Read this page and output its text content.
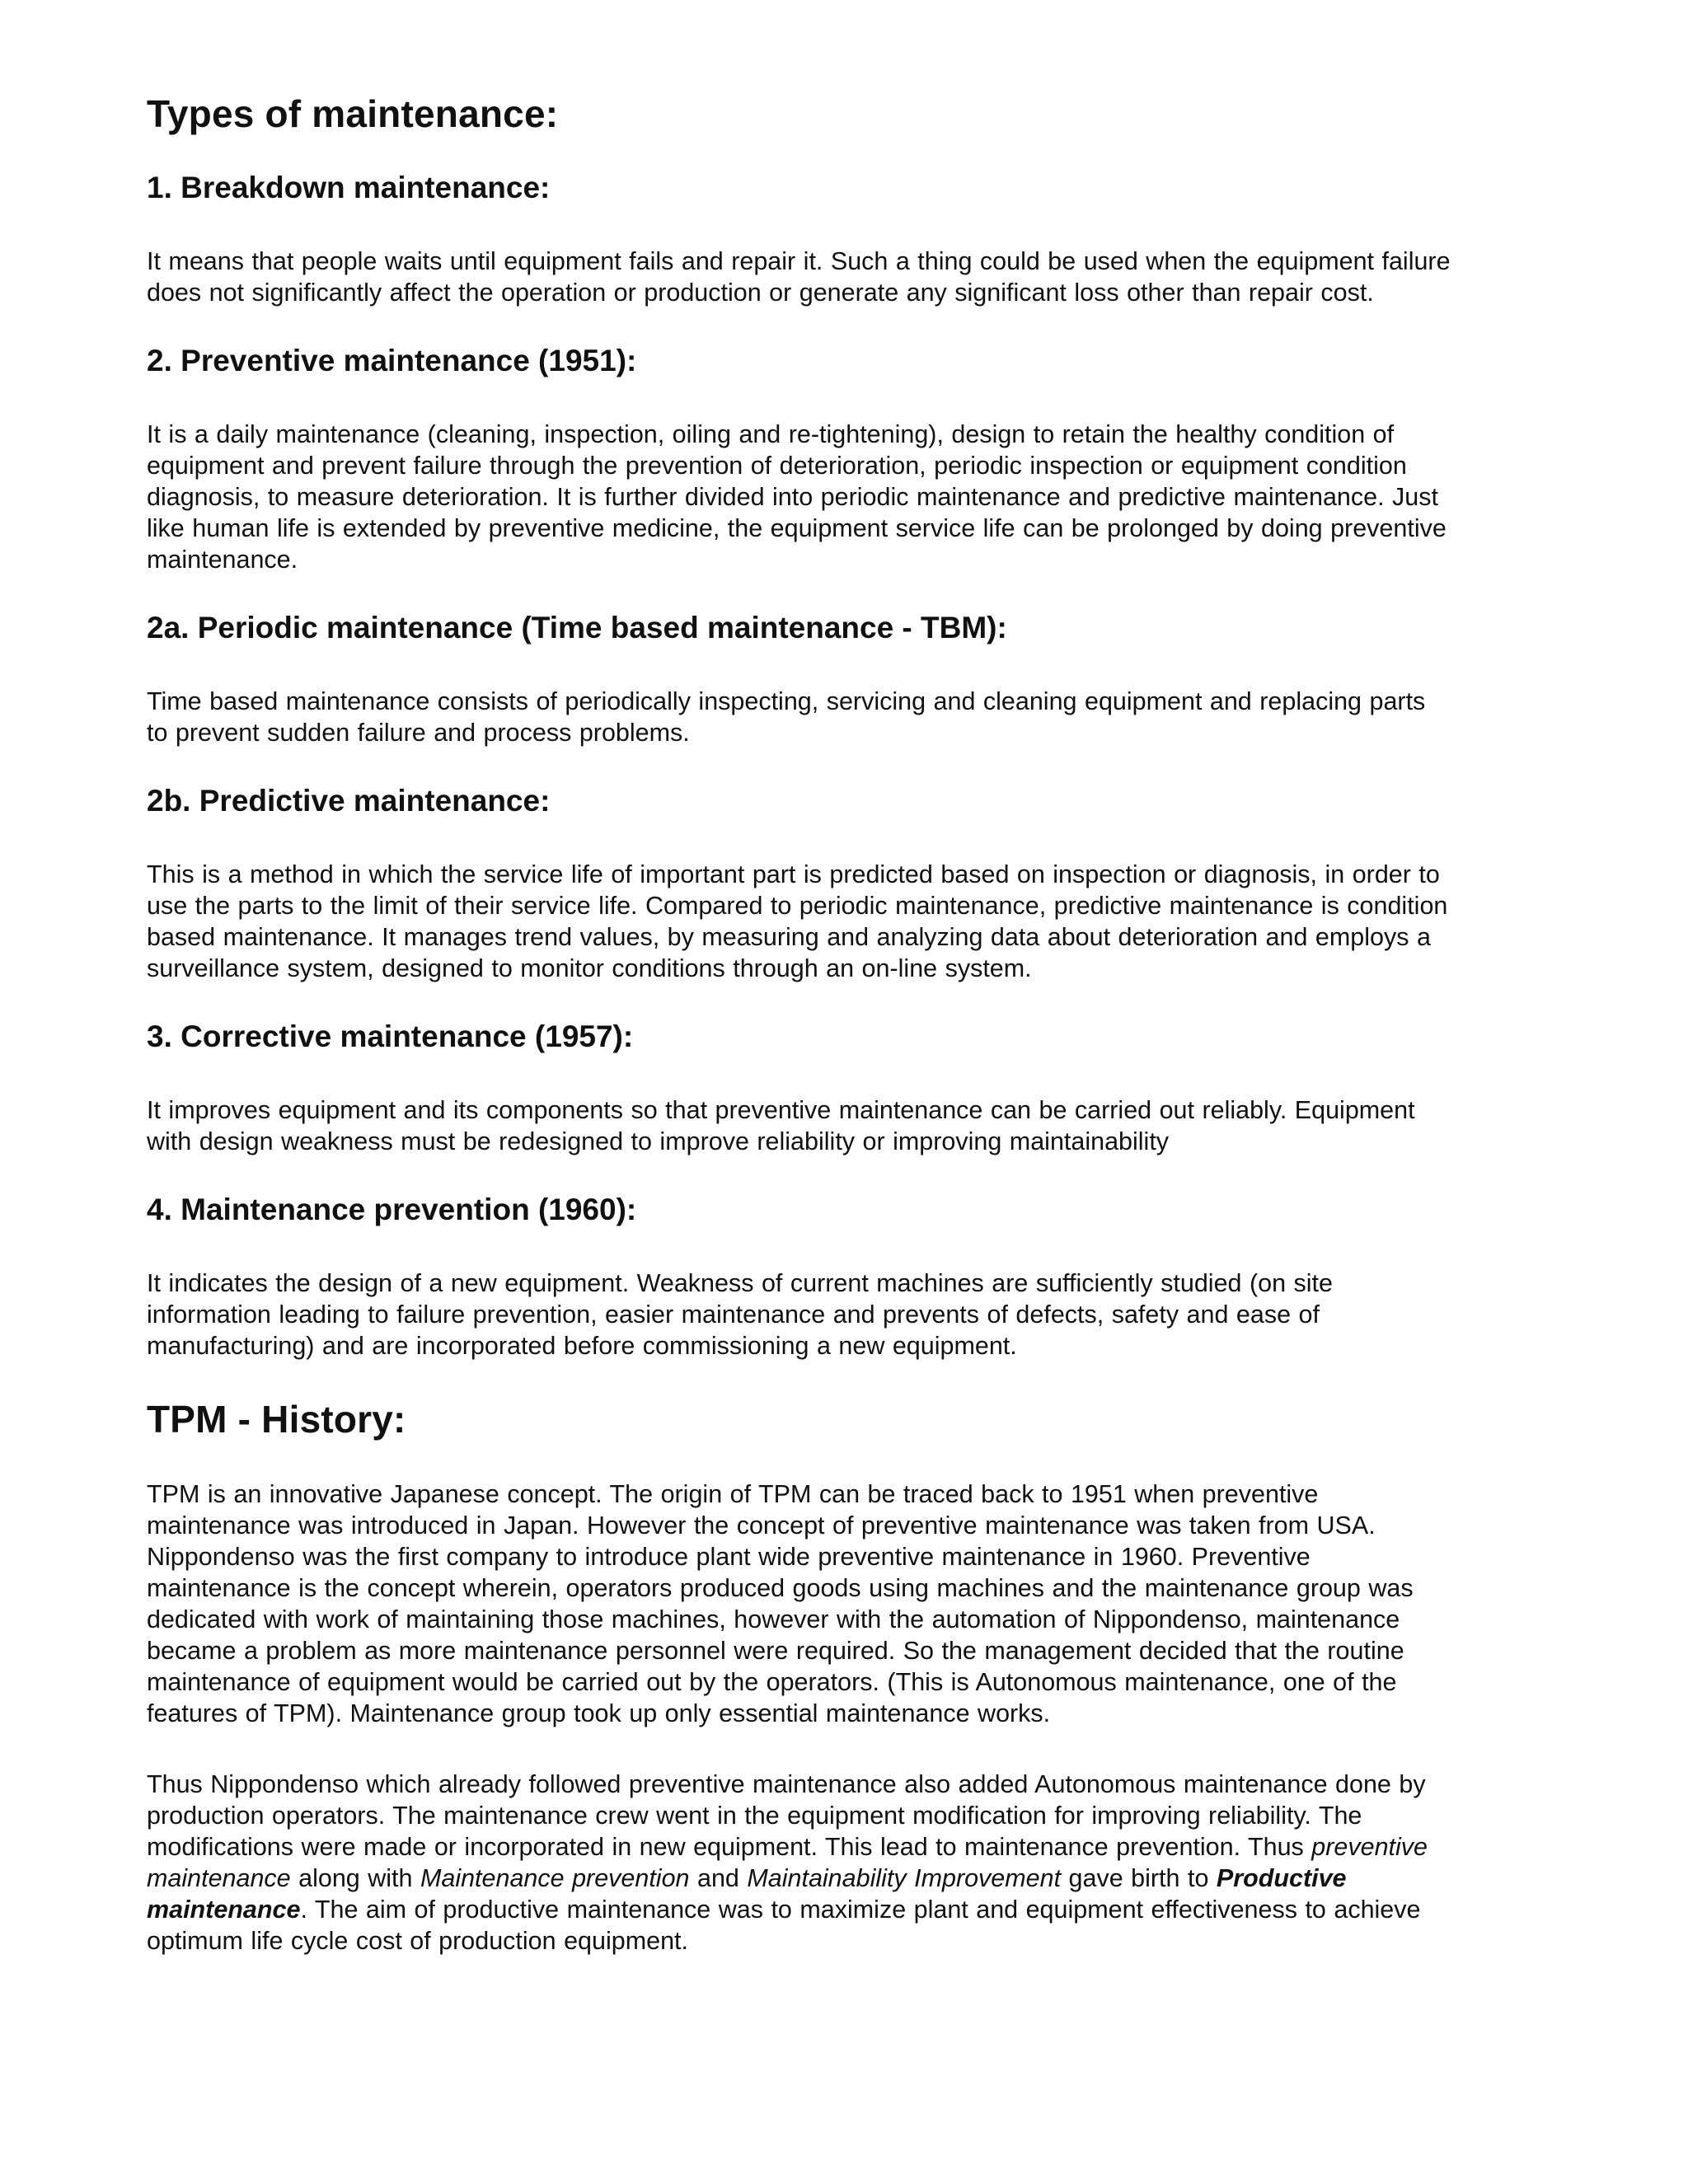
Types of maintenance:
1. Breakdown maintenance:
It means that people waits until equipment fails and repair it. Such a thing could be used when the equipment failure
does not significantly affect the operation or production or generate any significant loss other than repair cost.
2. Preventive maintenance (1951):
It is a daily maintenance (cleaning, inspection, oiling and re-tightening), design to retain the healthy condition of
equipment and prevent failure through the prevention of deterioration, periodic inspection or equipment condition
diagnosis, to measure deterioration. It is further divided into periodic maintenance and predictive maintenance. Just
like human life is extended by preventive medicine, the equipment service life can be prolonged by doing preventive
maintenance.
2a. Periodic maintenance (Time based maintenance - TBM):
Time based maintenance consists of periodically inspecting, servicing and cleaning equipment and replacing parts
to prevent sudden failure and process problems.
2b. Predictive maintenance:
This is a method in which the service life of important part is predicted based on inspection or diagnosis, in order to
use the parts to the limit of their service life. Compared to periodic maintenance, predictive maintenance is condition
based maintenance. It manages trend values, by measuring and analyzing data about deterioration and employs a
surveillance system, designed to monitor conditions through an on-line system.
3. Corrective maintenance (1957):
It improves equipment and its components so that preventive maintenance can be carried out reliably. Equipment
with design weakness must be redesigned to improve reliability or improving maintainability
4. Maintenance prevention (1960):
It indicates the design of a new equipment. Weakness of current machines are sufficiently studied (on site
information leading to failure prevention, easier maintenance and prevents of defects, safety and ease of
manufacturing) and are incorporated before commissioning a new equipment.
TPM - History:
TPM is an innovative Japanese concept. The origin of TPM can be traced back to 1951 when preventive
maintenance was introduced in Japan. However the concept of preventive maintenance was taken from USA.
Nippondenso was the first company to introduce plant wide preventive maintenance in 1960. Preventive
maintenance is the concept wherein, operators produced goods using machines and the maintenance group was
dedicated with work of maintaining those machines, however with the automation of Nippondenso, maintenance
became a problem as more maintenance personnel were required. So the management decided that the routine
maintenance of equipment would be carried out by the operators. (This is Autonomous maintenance, one of the
features of TPM). Maintenance group took up only essential maintenance works.
Thus Nippondenso which already followed preventive maintenance also added Autonomous maintenance done by
production operators. The maintenance crew went in the equipment modification for improving reliability. The
modifications were made or incorporated in new equipment. This lead to maintenance prevention. Thus preventive
maintenance along with Maintenance prevention and Maintainability Improvement gave birth to Productive
maintenance. The aim of productive maintenance was to maximize plant and equipment effectiveness to achieve
optimum life cycle cost of production equipment.
